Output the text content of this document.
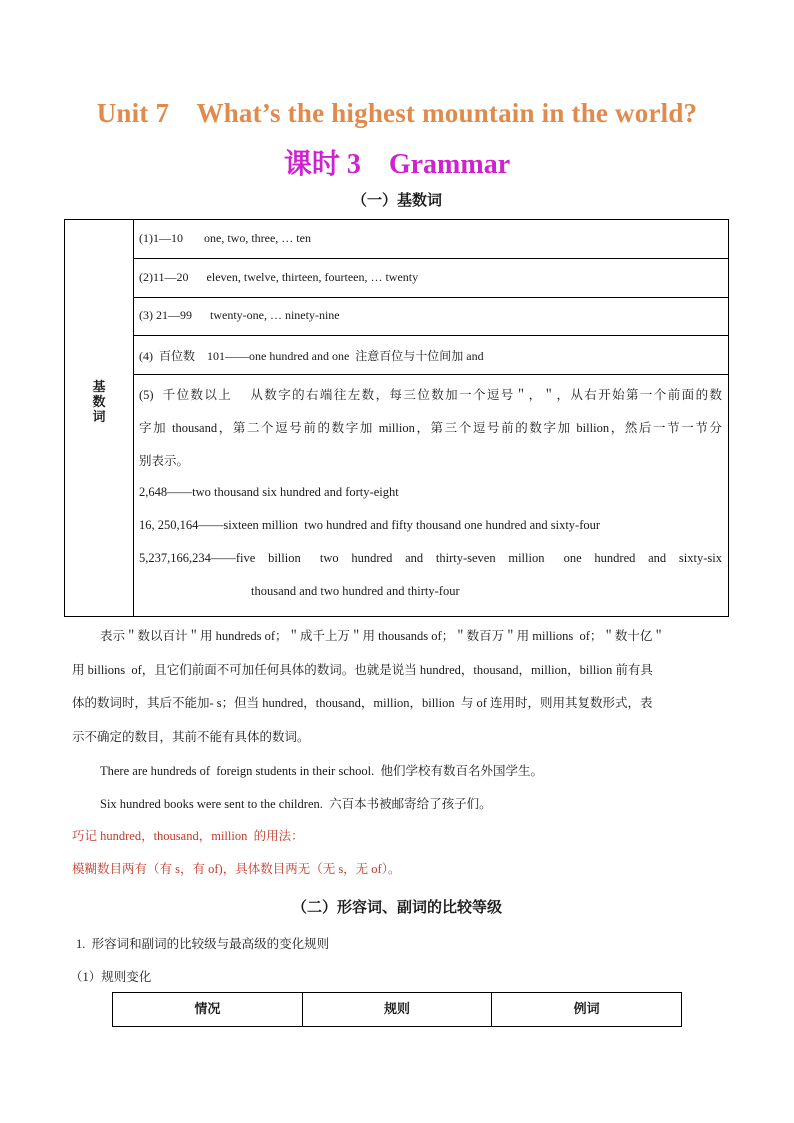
Unit 7    What’s the highest mountain in the world?
课时 3    Grammar
（一）基数词
基数词
(1)1—10       one, two, three, … ten
(2)11—20      eleven, twelve, thirteen, fourteen, … twenty
(3) 21—99      twenty-one, … ninety-nine
(4)  百位数    101——one hundred and one  注意百位与十位间加 and
(5)  千位数以上    从数字的右端往左数，每三位数加一个逗号＂，＂，从右开始第一个前面的数
字加 thousand，第二个逗号前的数字加 million，第三个逗号前的数字加 billion，然后一节一节分
别表示。
2,648——two thousand six hundred and forty-eight
16, 250,164——sixteen million  two hundred and fifty thousand one hundred and sixty-four
5,237,166,234——five  billion   two  hundred  and  thirty-seven  million   one  hundred  and  sixty-six
thousand and two hundred and thirty-four
表示＂数以百计＂用 hundreds of；＂成千上万＂用 thousands of；＂数百万＂用 millions  of；＂数十亿＂
用 billions  of，且它们前面不可加任何具体的数词。也就是说当 hundred，thousand，million，billion 前有具
体的数词时，其后不能加- s；但当 hundred，thousand，million，billion  与 of 连用时，则用其复数形式，表
示不确定的数目，其前不能有具体的数词。
There are hundreds of  foreign students in their school.  他们学校有数百名外国学生。
Six hundred books were sent to the children.  六百本书被邮寄给了孩子们。
巧记 hundred，thousand，million  的用法：
模糊数目两有（有 s，有 of)，具体数目两无（无 s，无 of）。
（二）形容词、副词的比较等级
1.  形容词和副词的比较级与最高级的变化规则
（1）规则变化
情况	规则	例词
